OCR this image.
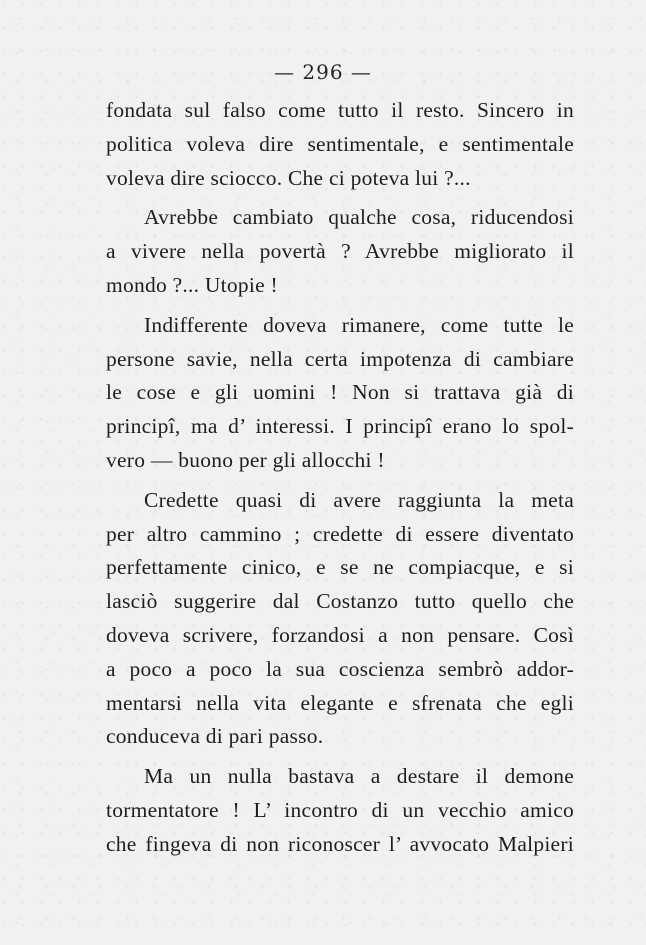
— 296 —
fondata sul falso come tutto il resto. Sincero in
politica voleva dire sentimentale, e sentimentale
voleva dire sciocco. Che ci poteva lui ?...
Avrebbe cambiato qualche cosa, riducendosi
a vivere nella povertà ? Avrebbe migliorato il
mondo ?... Utopie !
Indifferente doveva rimanere, come tutte le
persone savie, nella certa impotenza di cambiare
le cose e gli uomini ! Non si trattava già di
principî, ma d’ interessi. I principî erano lo spol-
vero — buono per gli allocchi !
Credette quasi di avere raggiunta la meta
per altro cammino ; credette di essere diventato
perfettamente cinico, e se ne compiacque, e si
lasciò suggerire dal Costanzo tutto quello che
doveva scrivere, forzandosi a non pensare. Così
a poco a poco la sua coscienza sembrò addor-
mentarsi nella vita elegante e sfrenata che egli
conduceva di pari passo.
Ma un nulla bastava a destare il demone
tormentatore ! L’ incontro di un vecchio amico
che fingeva di non riconoscer l’ avvocato Malpieri
